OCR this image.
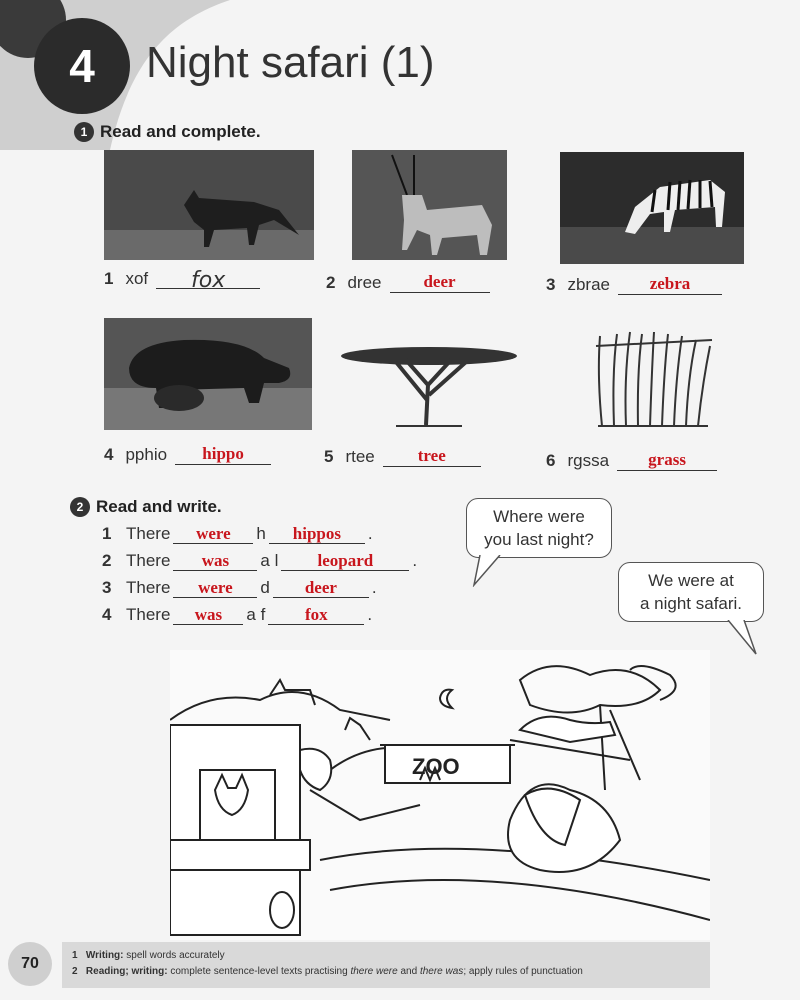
4	Night safari (1)
1 Read and complete.
1 xof	fox	2 dree	deer	3 zbrae	zebra
4 pphio	hippo	5 rtee	tree	6 rgssa	grass
2 Read and write.
1 There	were	h	hippos	.
2 There	was	a l	leopard	.
3 There	were	d	deer	.
4 There	was	a f	fox	.
Where were
you last night?
We were at
a night safari.
ZOO
70	1 Writing: spell words accurately
2 Reading; writing: complete sentence-level texts practising there were and there was; apply rules of punctuation
